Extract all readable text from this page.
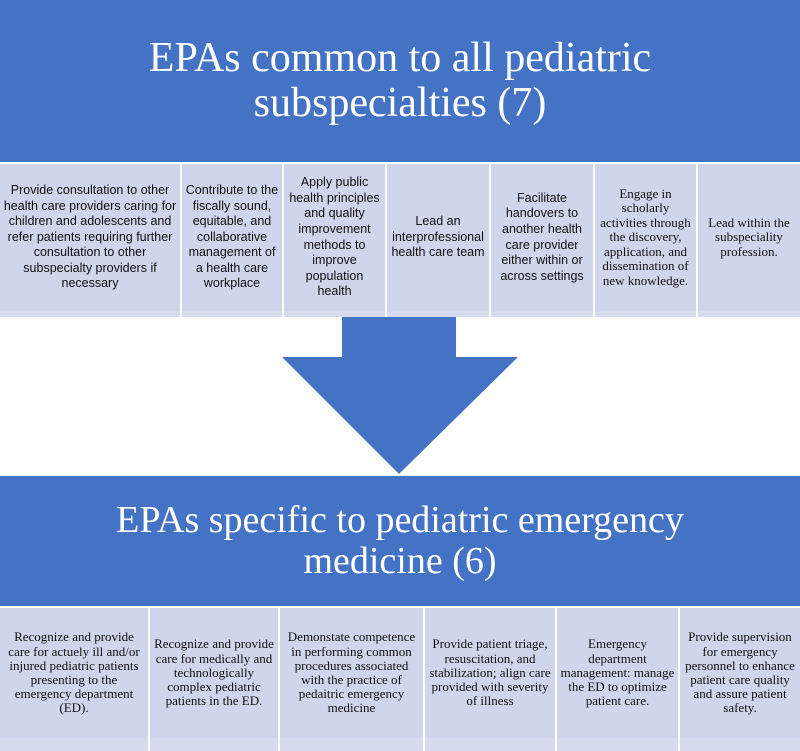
EPAs common to all pediatric subspecialties (7)
Provide consultation to other health care providers caring for children and adolescents and refer patients requiring further consultation to other subspecialty providers if necessary
Contribute to the fiscally sound, equitable, and collaborative management of a health care workplace
Apply public health principles and quality improvement methods to improve population health
Lead an interprofessional health care team
Facilitate handovers to another health care provider either within or across settings
Engage in scholarly activities through the discovery, application, and dissemination of new knowledge.
Lead within the subspeciality profession.
EPAs specific to pediatric emergency medicine (6)
Recognize and provide care for actuely ill and/or injured pediatric patients presenting to the emergency department (ED).
Recognize and provide care for medically and technologically complex pediatric patients in the ED.
Demonstate competence in performing common procedures associated with the practice of pedaitric emergency medicine
Provide patient triage, resuscitation, and stabilization; align care provided with severity of illness
Emergency department management: manage the ED to optimize patient care.
Provide supervision for emergency personnel to enhance patient care quality and assure patient safety.
